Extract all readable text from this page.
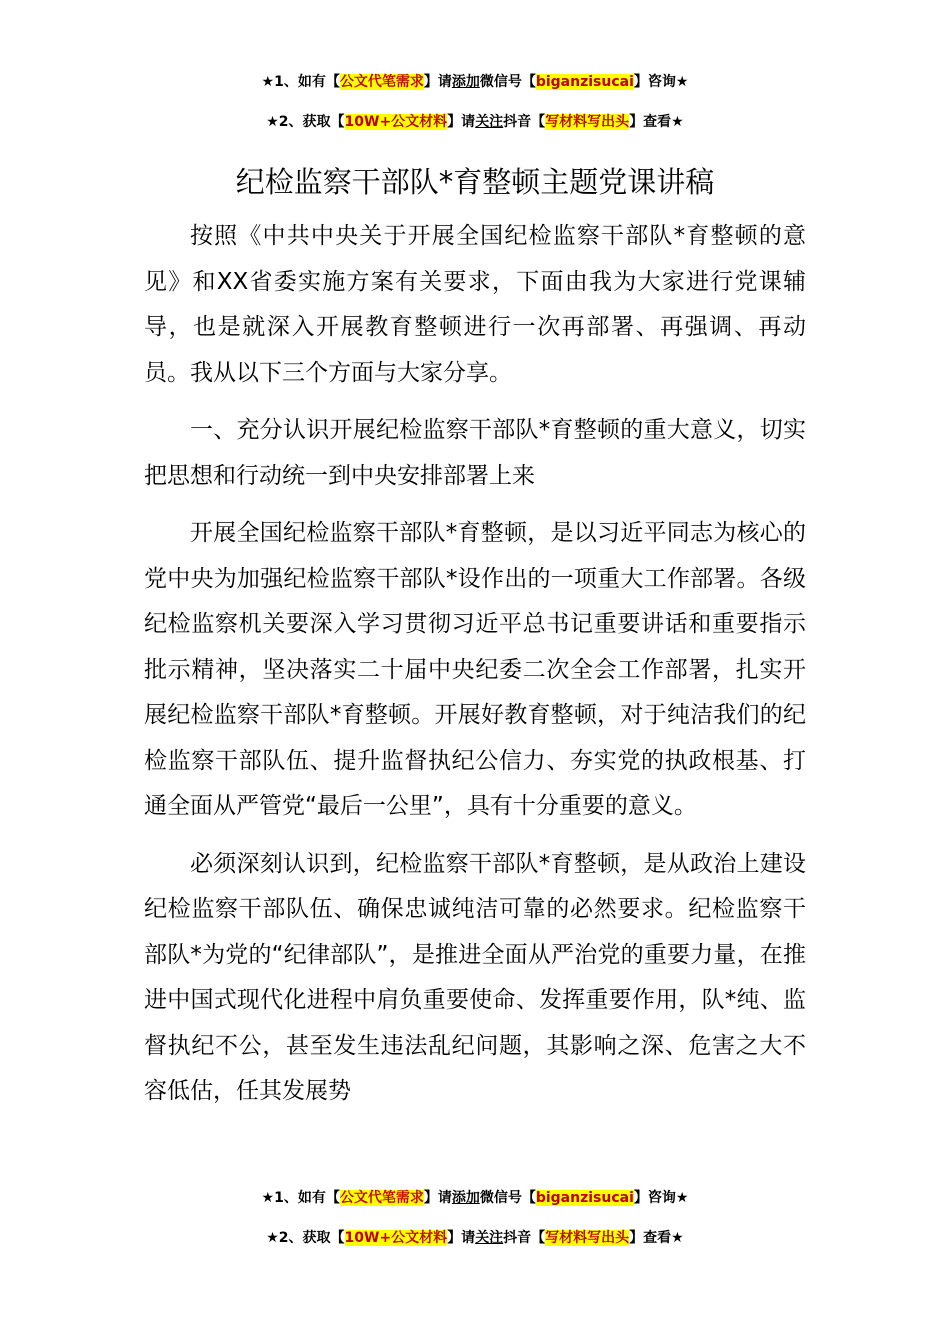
★1、如有【公文代笔需求】请添加微信号【biganzisucai】咨询★
★2、获取【10W+公文材料】请关注抖音【写材料写出头】查看★
纪检监察干部队*育整顿主题党课讲稿

按照《中共中央关于开展全国纪检监察干部队*育整顿的意见》和XX省委实施方案有关要求，下面由我为大家进行党课辅导，也是就深入开展教育整顿进行一次再部署、再强调、再动员。我从以下三个方面与大家分享。

一、充分认识开展纪检监察干部队*育整顿的重大意义，切实把思想和行动统一到中央安排部署上来

开展全国纪检监察干部队*育整顿，是以习近平同志为核心的党中央为加强纪检监察干部队*设作出的一项重大工作部署。各级纪检监察机关要深入学习贯彻习近平总书记重要讲话和重要指示批示精神，坚决落实二十届中央纪委二次全会工作部署，扎实开展纪检监察干部队*育整顿。开展好教育整顿，对于纯洁我们的纪检监察干部队伍、提升监督执纪公信力、夯实党的执政根基、打通全面从严管党“最后一公里”，具有十分重要的意义。

必须深刻认识到，纪检监察干部队*育整顿，是从政治上建设纪检监察干部队伍、确保忠诚纯洁可靠的必然要求。纪检监察干部队*为党的“纪律部队”，是推进全面从严治党的重要力量，在推进中国式现代化进程中肩负重要使命、发挥重要作用，队*纯、监督执纪不公，甚至发生违法乱纪问题，其影响之深、危害之大不容低估，任其发展势

★1、如有【公文代笔需求】请添加微信号【biganzisucai】咨询★
★2、获取【10W+公文材料】请关注抖音【写材料写出头】查看★
